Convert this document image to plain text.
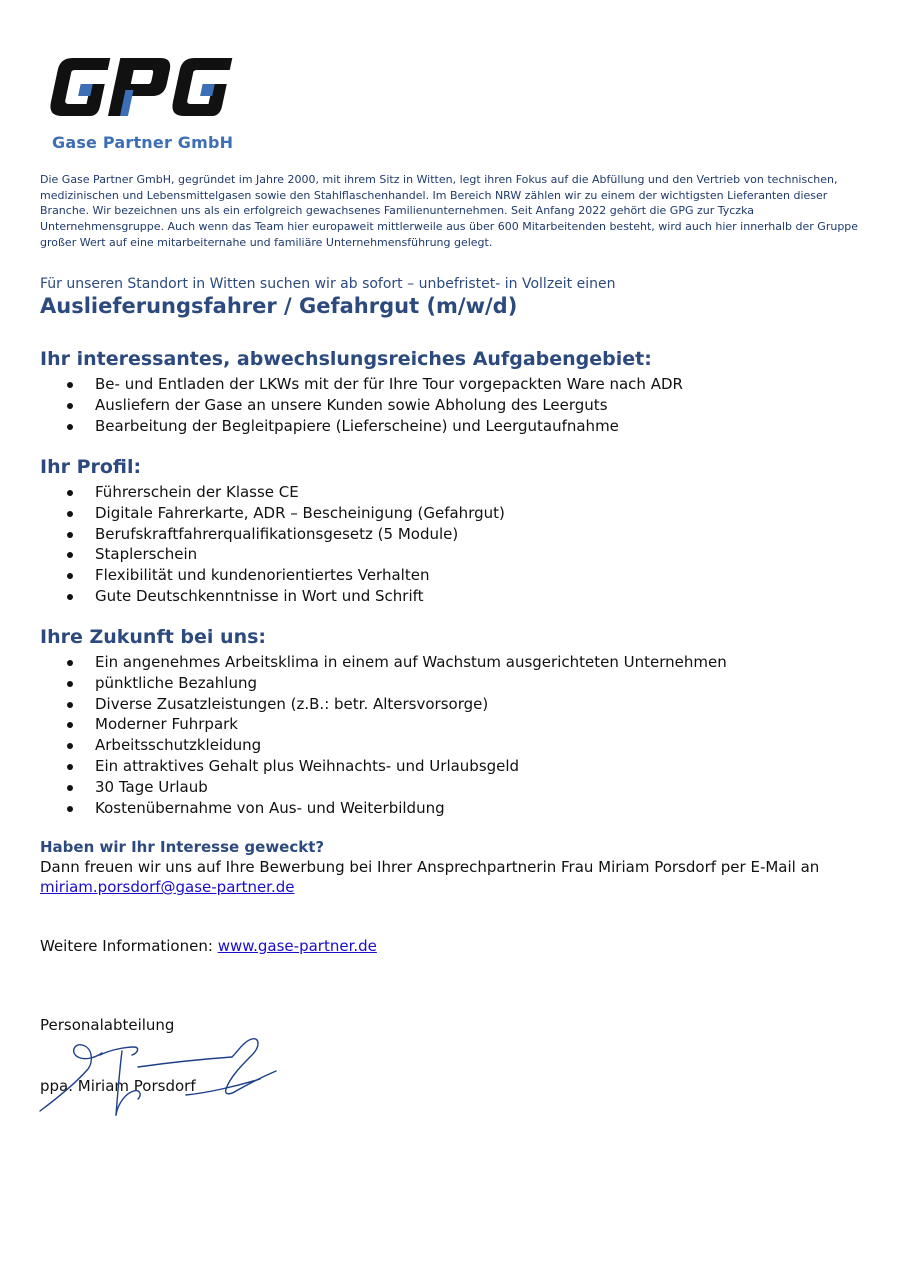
Gase Partner GmbH

Die Gase Partner GmbH, gegründet im Jahre 2000, mit ihrem Sitz in Witten, legt ihren Fokus auf die Abfüllung und den Vertrieb von technischen, medizinischen und Lebensmittelgasen sowie den Stahlflaschenhandel. Im Bereich NRW zählen wir zu einem der wichtigsten Lieferanten dieser Branche. Wir bezeichnen uns als ein erfolgreich gewachsenes Familienunternehmen. Seit Anfang 2022 gehört die GPG zur Tyczka Unternehmensgruppe. Auch wenn das Team hier europaweit mittlerweile aus über 600 Mitarbeitenden besteht, wird auch hier innerhalb der Gruppe großer Wert auf eine mitarbeiternahe und familiäre Unternehmensführung gelegt.

Für unseren Standort in Witten suchen wir ab sofort – unbefristet- in Vollzeit einen
Auslieferungsfahrer / Gefahrgut (m/w/d)
Ihr interessantes, abwechslungsreiches Aufgabengebiet:
Be- und Entladen der LKWs mit der für Ihre Tour vorgepackten Ware nach ADR
Ausliefern der Gase an unsere Kunden sowie Abholung des Leerguts
Bearbeitung der Begleitpapiere (Lieferscheine) und Leergutaufnahme
Ihr Profil:
Führerschein der Klasse CE
Digitale Fahrerkarte, ADR – Bescheinigung (Gefahrgut)
Berufskraftfahrerqualifikationsgesetz (5 Module)
Staplerschein
Flexibilität und kundenorientiertes Verhalten
Gute Deutschkenntnisse in Wort und Schrift
Ihre Zukunft bei uns:
Ein angenehmes Arbeitsklima in einem auf Wachstum ausgerichteten Unternehmen
pünktliche Bezahlung
Diverse Zusatzleistungen (z.B.: betr. Altersvorsorge)
Moderner Fuhrpark
Arbeitsschutzkleidung
Ein attraktives Gehalt plus Weihnachts- und Urlaubsgeld
30 Tage Urlaub
Kostenübernahme von Aus- und Weiterbildung
Haben wir Ihr Interesse geweckt?
Dann freuen wir uns auf Ihre Bewerbung bei Ihrer Ansprechpartnerin Frau Miriam Porsdorf per E-Mail an
miriam.porsdorf@gase-partner.de
Weitere Informationen: www.gase-partner.de
Personalabteilung
ppa. Miriam Porsdorf
